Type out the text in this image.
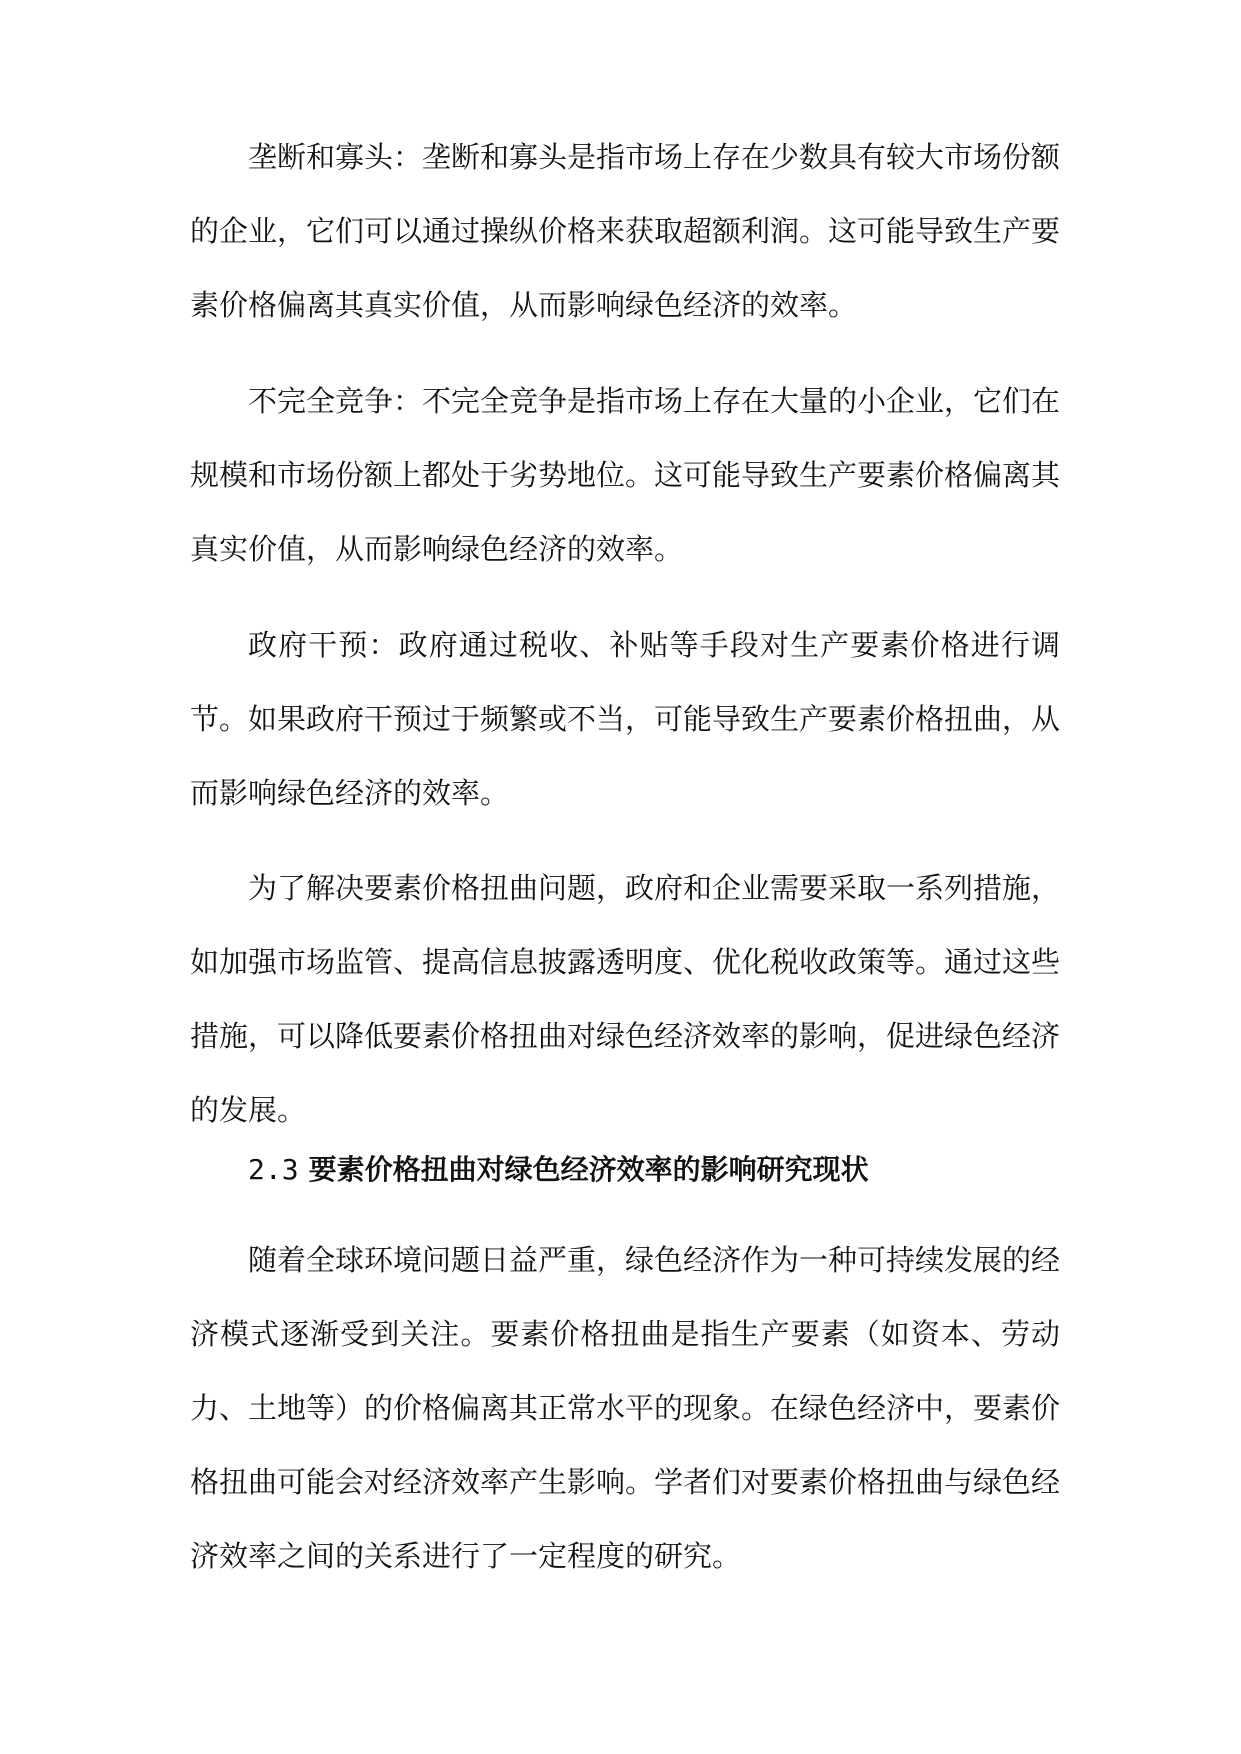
垄断和寡头：垄断和寡头是指市场上存在少数具有较大市场份额的企业，它们可以通过操纵价格来获取超额利润。这可能导致生产要素价格偏离其真实价值，从而影响绿色经济的效率。

不完全竞争：不完全竞争是指市场上存在大量的小企业，它们在规模和市场份额上都处于劣势地位。这可能导致生产要素价格偏离其真实价值，从而影响绿色经济的效率。

政府干预：政府通过税收、补贴等手段对生产要素价格进行调节。如果政府干预过于频繁或不当，可能导致生产要素价格扭曲，从而影响绿色经济的效率。

为了解决要素价格扭曲问题，政府和企业需要采取一系列措施，如加强市场监管、提高信息披露透明度、优化税收政策等。通过这些措施，可以降低要素价格扭曲对绿色经济效率的影响，促进绿色经济的发展。

2.3 要素价格扭曲对绿色经济效率的影响研究现状

随着全球环境问题日益严重，绿色经济作为一种可持续发展的经济模式逐渐受到关注。要素价格扭曲是指生产要素（如资本、劳动力、土地等）的价格偏离其正常水平的现象。在绿色经济中，要素价格扭曲可能会对经济效率产生影响。学者们对要素价格扭曲与绿色经济效率之间的关系进行了一定程度的研究。
